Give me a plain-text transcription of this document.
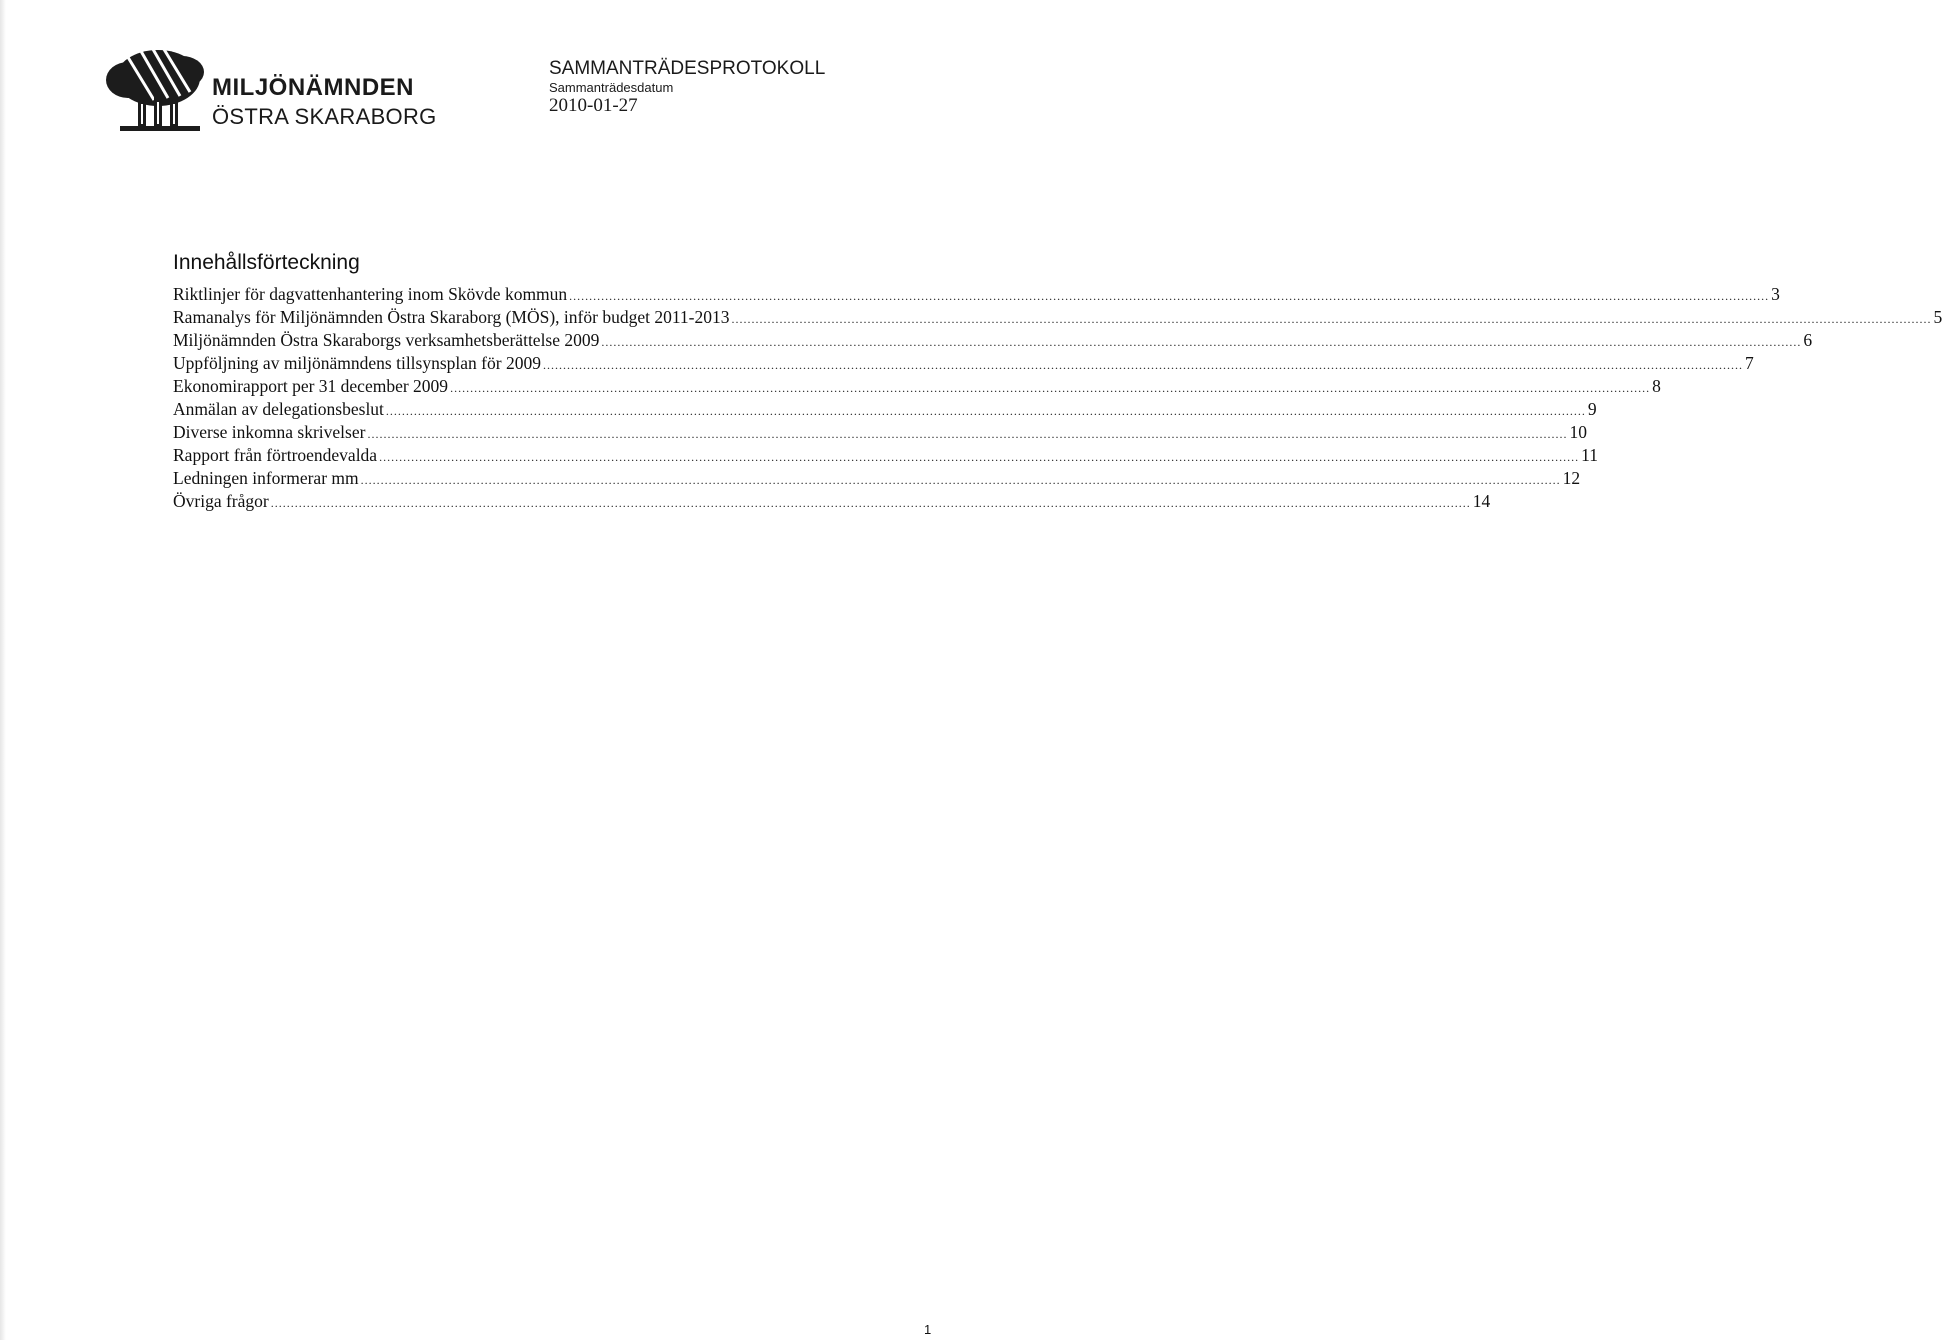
MILJÖNÄMNDEN
ÖSTRA SKARABORG
SAMMANTRÄDESPROTOKOLL
Sammanträdesdatum
2010-01-27
Innehållsförteckning
Riktlinjer för dagvattenhantering inom Skövde kommun ............................................................................................................................................................................................................................................................................................................ 3
Ramanalys för Miljönämnden Östra Skaraborg (MÖS), inför budget 2011-2013 ............................................................................................................................................................................................................................................................................................................ 5
Miljönämnden Östra Skaraborgs verksamhetsberättelse 2009 ............................................................................................................................................................................................................................................................................................................ 6
Uppföljning av miljönämndens tillsynsplan för 2009 ............................................................................................................................................................................................................................................................................................................ 7
Ekonomirapport per 31 december 2009 ............................................................................................................................................................................................................................................................................................................ 8
Anmälan av delegationsbeslut ............................................................................................................................................................................................................................................................................................................ 9
Diverse inkomna skrivelser ............................................................................................................................................................................................................................................................................................................ 10
Rapport från förtroendevalda ............................................................................................................................................................................................................................................................................................................ 11
Ledningen informerar mm ............................................................................................................................................................................................................................................................................................................ 12
Övriga frågor ............................................................................................................................................................................................................................................................................................................ 14
1
